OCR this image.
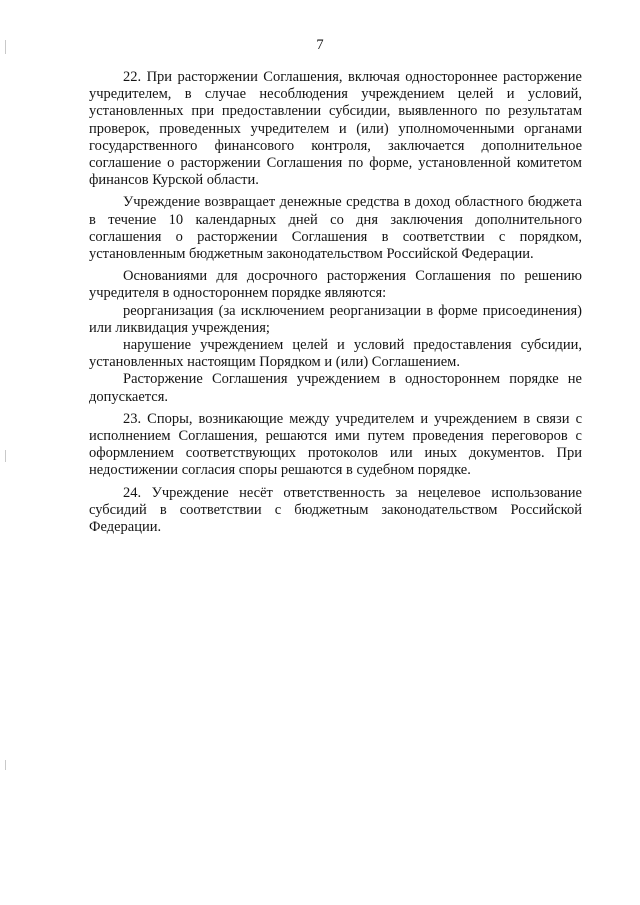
7

22. При расторжении Соглашения, включая одностороннее расторжение учредителем, в случае несоблюдения учреждением целей и условий, установленных при предоставлении субсидии, выявленного по результатам проверок, проведенных учредителем и (или) уполномоченными органами государственного финансового контроля, заключается дополнительное соглашение о расторжении Соглашения по форме, установленной комитетом финансов Курской области.

Учреждение возвращает денежные средства в доход областного бюджета в течение 10 календарных дней со дня заключения дополнительного соглашения о расторжении Соглашения в соответствии с порядком, установленным бюджетным законодательством Российской Федерации.

Основаниями для досрочного расторжения Соглашения по решению учредителя в одностороннем порядке являются:

реорганизация (за исключением реорганизации в форме присоединения) или ликвидация учреждения;

нарушение учреждением целей и условий предоставления субсидии, установленных настоящим Порядком и (или) Соглашением.

Расторжение Соглашения учреждением в одностороннем порядке не допускается.

23. Споры, возникающие между учредителем и учреждением в связи с исполнением Соглашения, решаются ими путем проведения переговоров с оформлением соответствующих протоколов или иных документов. При недостижении согласия споры решаются в судебном порядке.

24. Учреждение несёт ответственность за нецелевое использование субсидий в соответствии с бюджетным законодательством Российской Федерации.
